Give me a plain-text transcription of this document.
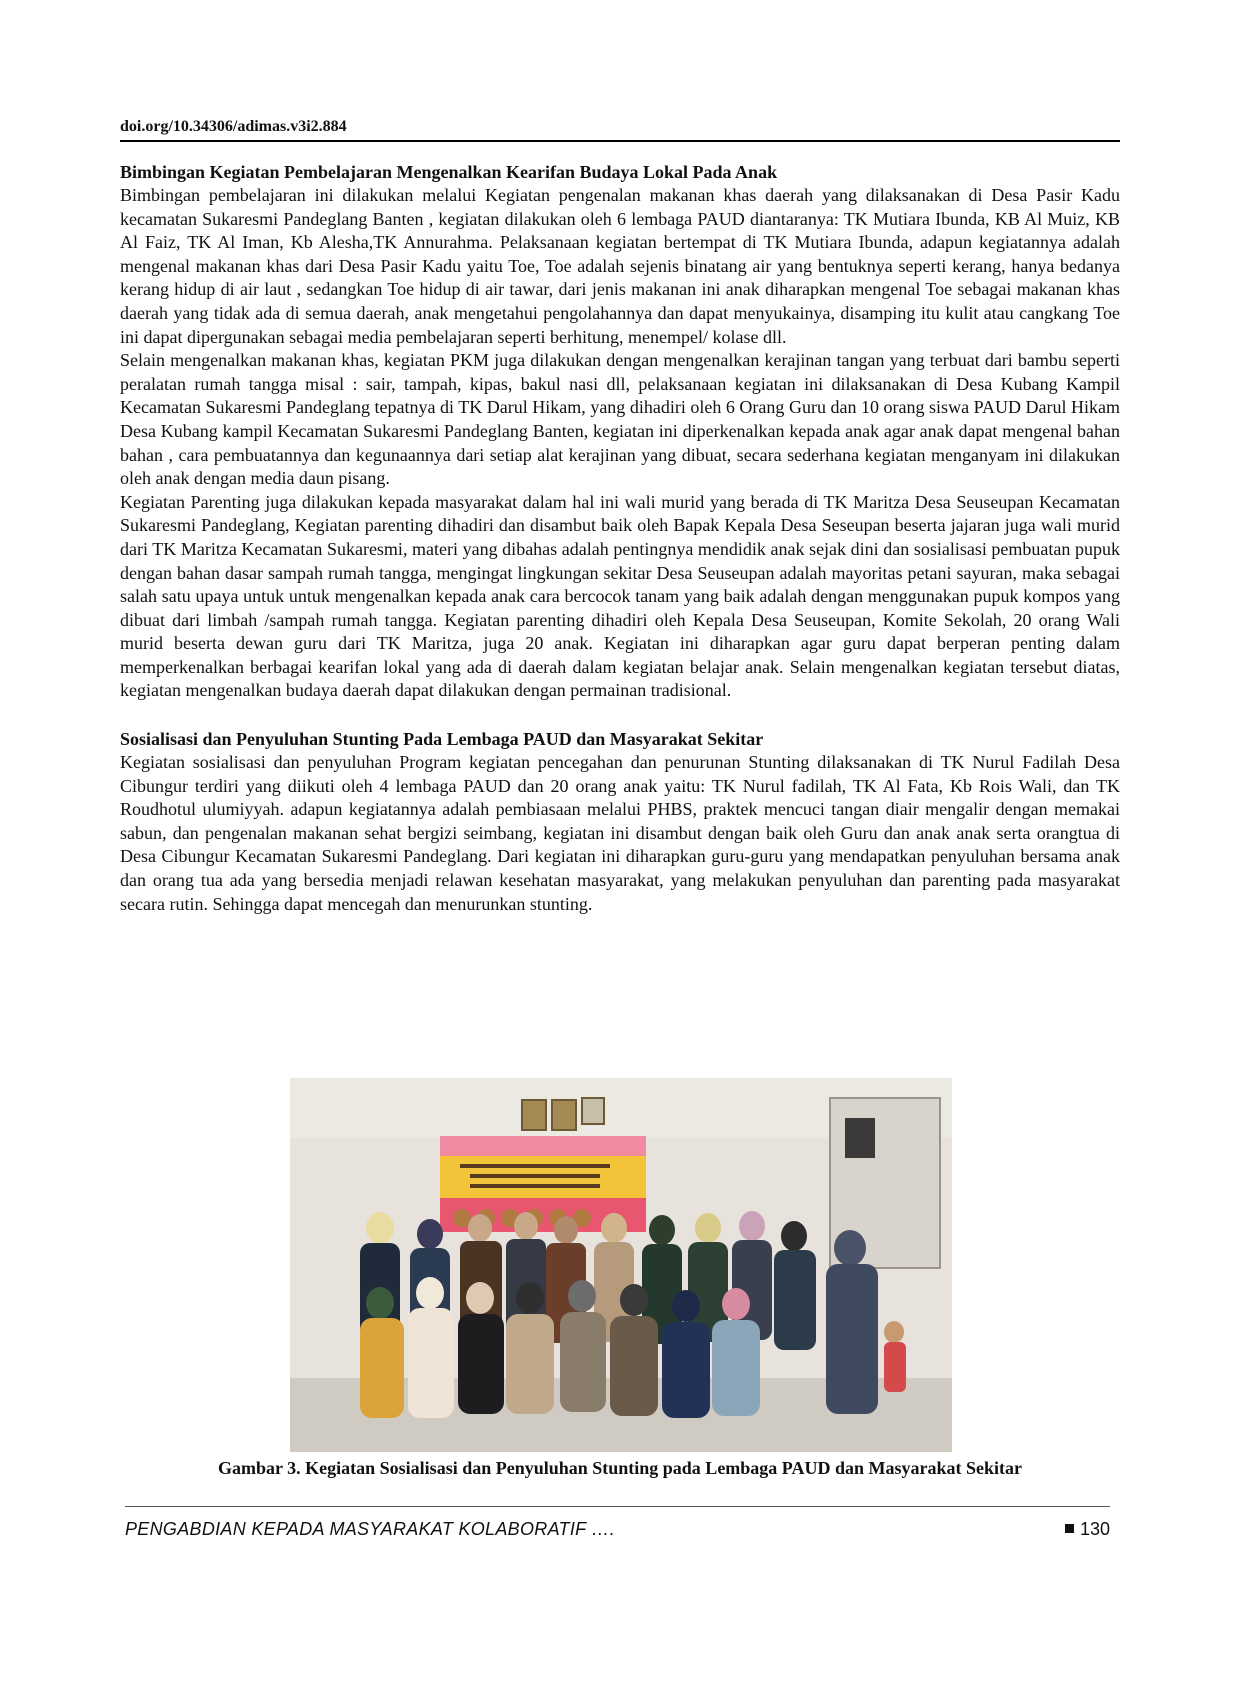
doi.org/10.34306/adimas.v3i2.884

Bimbingan Kegiatan Pembelajaran Mengenalkan Kearifan Budaya Lokal Pada Anak

Bimbingan pembelajaran ini dilakukan melalui Kegiatan pengenalan makanan khas daerah yang dilaksanakan di Desa Pasir Kadu kecamatan Sukaresmi Pandeglang Banten , kegiatan dilakukan oleh 6 lembaga PAUD diantaranya: TK Mutiara Ibunda, KB Al Muiz, KB Al Faiz, TK Al Iman, Kb Alesha,TK Annurahma. Pelaksanaan kegiatan bertempat di TK Mutiara Ibunda, adapun kegiatannya adalah mengenal makanan khas dari Desa Pasir Kadu yaitu Toe, Toe adalah sejenis binatang air yang bentuknya seperti kerang, hanya bedanya kerang hidup di air laut , sedangkan Toe hidup di air tawar, dari jenis makanan ini anak diharapkan mengenal Toe sebagai makanan khas daerah yang tidak ada di semua daerah, anak mengetahui pengolahannya dan dapat menyukainya, disamping itu kulit atau cangkang Toe ini dapat dipergunakan sebagai media pembelajaran seperti berhitung, menempel/ kolase dll.

Selain mengenalkan makanan khas, kegiatan PKM juga dilakukan dengan mengenalkan kerajinan tangan yang terbuat dari bambu seperti peralatan rumah tangga misal : sair, tampah, kipas, bakul nasi dll, pelaksanaan kegiatan ini dilaksanakan di Desa Kubang Kampil Kecamatan Sukaresmi Pandeglang tepatnya di TK Darul Hikam, yang dihadiri oleh 6 Orang Guru dan 10 orang siswa PAUD Darul Hikam Desa Kubang kampil Kecamatan Sukaresmi Pandeglang Banten, kegiatan ini diperkenalkan kepada anak agar anak dapat mengenal bahan bahan , cara pembuatannya dan kegunaannya dari setiap alat kerajinan yang dibuat, secara sederhana kegiatan menganyam ini dilakukan oleh anak dengan media daun pisang.

Kegiatan Parenting juga dilakukan kepada masyarakat dalam hal ini wali murid yang berada di TK Maritza Desa Seuseupan Kecamatan Sukaresmi Pandeglang, Kegiatan parenting dihadiri dan disambut baik oleh Bapak Kepala Desa Seseupan beserta jajaran juga wali murid dari TK Maritza Kecamatan Sukaresmi, materi yang dibahas adalah pentingnya mendidik anak sejak dini dan sosialisasi pembuatan pupuk dengan bahan dasar sampah rumah tangga, mengingat lingkungan sekitar Desa Seuseupan adalah mayoritas petani sayuran, maka sebagai salah satu upaya untuk untuk mengenalkan kepada anak cara bercocok tanam yang baik adalah dengan menggunakan pupuk kompos yang dibuat dari limbah /sampah rumah tangga. Kegiatan parenting dihadiri oleh Kepala Desa Seuseupan, Komite Sekolah, 20 orang Wali murid beserta dewan guru dari TK Maritza, juga 20 anak. Kegiatan ini diharapkan agar guru dapat berperan penting dalam memperkenalkan berbagai kearifan lokal yang ada di daerah dalam kegiatan belajar anak. Selain mengenalkan kegiatan tersebut diatas, kegiatan mengenalkan budaya daerah dapat dilakukan dengan permainan tradisional.

Sosialisasi dan Penyuluhan Stunting Pada Lembaga PAUD dan Masyarakat Sekitar

Kegiatan sosialisasi dan penyuluhan Program kegiatan pencegahan dan penurunan Stunting dilaksanakan di TK Nurul Fadilah Desa Cibungur terdiri yang diikuti oleh 4 lembaga PAUD dan 20 orang anak yaitu: TK Nurul fadilah, TK Al Fata, Kb Rois Wali, dan TK Roudhotul ulumiyyah. adapun kegiatannya adalah pembiasaan melalui PHBS, praktek mencuci tangan diair mengalir dengan memakai sabun, dan pengenalan makanan sehat bergizi seimbang, kegiatan ini disambut dengan baik oleh Guru dan anak anak serta orangtua di Desa Cibungur Kecamatan Sukaresmi Pandeglang. Dari kegiatan ini diharapkan guru-guru yang mendapatkan penyuluhan bersama anak dan orang tua ada yang bersedia menjadi relawan kesehatan masyarakat, yang melakukan penyuluhan dan parenting pada masyarakat secara rutin. Sehingga dapat mencegah dan menurunkan stunting.

Gambar 3. Kegiatan Sosialisasi dan Penyuluhan Stunting pada Lembaga PAUD dan Masyarakat Sekitar
PENGABDIAN KEPADA MASYARAKAT KOLABORATIF ….	130
